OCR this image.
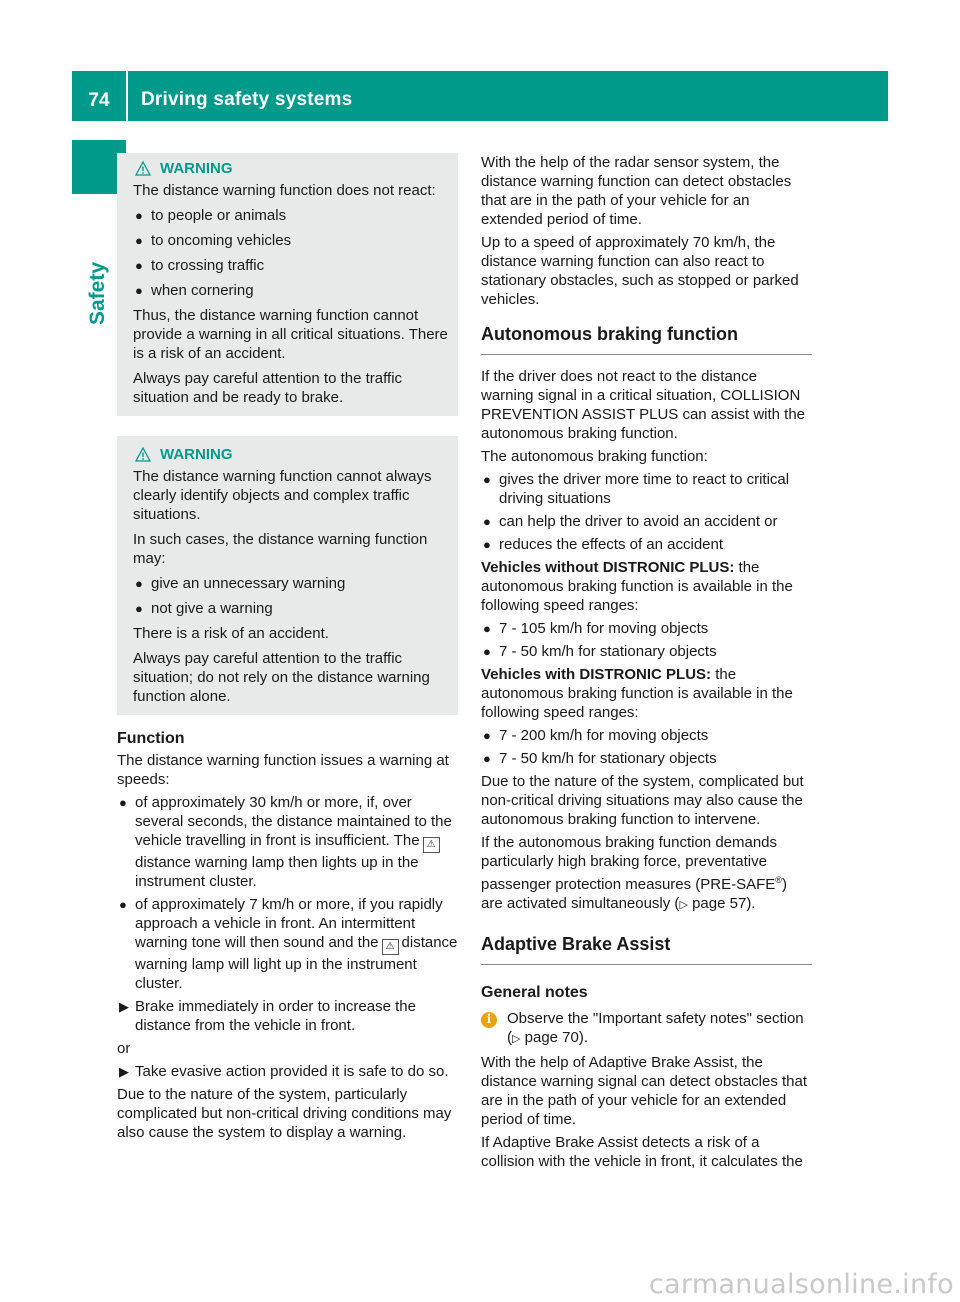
74	Driving safety systems
Safety
WARNING

The distance warning function does not react:

● to people or animals
● to oncoming vehicles
● to crossing traffic
● when cornering

Thus, the distance warning function cannot provide a warning in all critical situations. There is a risk of an accident.

Always pay careful attention to the traffic situation and be ready to brake.

WARNING

The distance warning function cannot always clearly identify objects and complex traffic situations.

In such cases, the distance warning function may:

● give an unnecessary warning
● not give a warning

There is a risk of an accident.

Always pay careful attention to the traffic situation; do not rely on the distance warning function alone.

Function

The distance warning function issues a warning at speeds:

● of approximately 30 km/h or more, if, over several seconds, the distance maintained to the vehicle travelling in front is insufficient. The ⚠distance warning lamp then lights up in the instrument cluster.
● of approximately 7 km/h or more, if you rapidly approach a vehicle in front. An intermittent warning tone will then sound and the ⚠ distance warning lamp will light up in the instrument cluster.
▶ Brake immediately in order to increase the distance from the vehicle in front.

or

▶ Take evasive action provided it is safe to do so.

Due to the nature of the system, particularly complicated but non-critical driving conditions may also cause the system to display a warning.

With the help of the radar sensor system, the distance warning function can detect obstacles that are in the path of your vehicle for an extended period of time.

Up to a speed of approximately 70 km/h, the distance warning function can also react to stationary obstacles, such as stopped or parked vehicles.

Autonomous braking function

If the driver does not react to the distance warning signal in a critical situation, COLLISION PREVENTION ASSIST PLUS can assist with the autonomous braking function.

The autonomous braking function:

● gives the driver more time to react to critical driving situations
● can help the driver to avoid an accident or
● reduces the effects of an accident

Vehicles without DISTRONIC PLUS: the autonomous braking function is available in the following speed ranges:

● 7 - 105 km/h for moving objects
● 7 - 50 km/h for stationary objects

Vehicles with DISTRONIC PLUS: the autonomous braking function is available in the following speed ranges:

● 7 - 200 km/h for moving objects
● 7 - 50 km/h for stationary objects

Due to the nature of the system, complicated but non-critical driving situations may also cause the autonomous braking function to intervene.

If the autonomous braking function demands particularly high braking force, preventative passenger protection measures (PRE-SAFE®) are activated simultaneously (▷ page 57).

Adaptive Brake Assist
General notes
i	Observe the "Important safety notes" section (▷ page 70).

With the help of Adaptive Brake Assist, the distance warning signal can detect obstacles that are in the path of your vehicle for an extended period of time.

If Adaptive Brake Assist detects a risk of a collision with the vehicle in front, it calculates the

carmanualsonline.info
